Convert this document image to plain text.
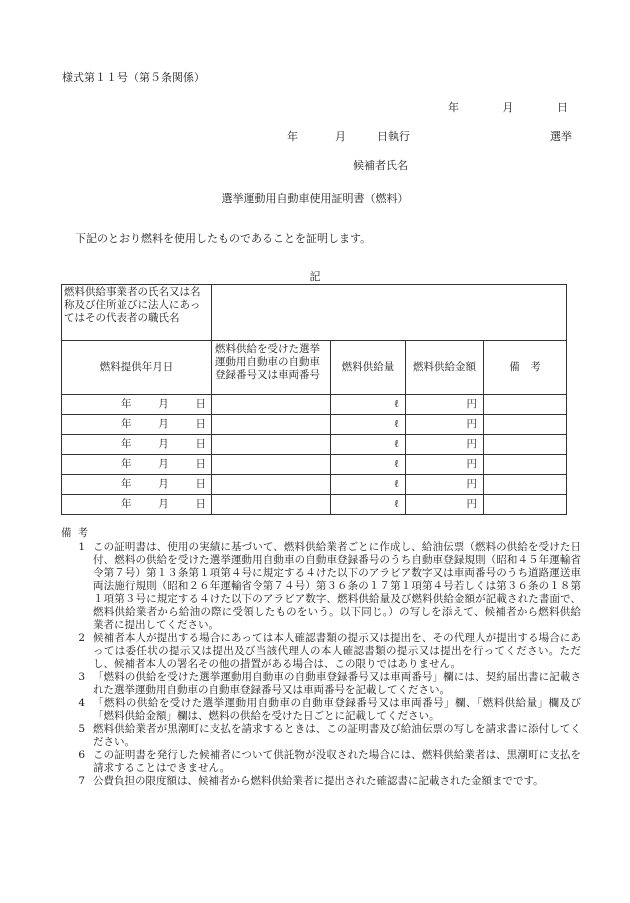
様式第１１号（第５条関係）
年	月	日
年	月	日執行	選挙
候補者氏名
選挙運動用自動車使用証明書（燃料）
下記のとおり燃料を使用したものであることを証明します。
記
燃料供給事業者の氏名又は名称及び住所並びに法人にあってはその代表者の職氏名				
燃料提供年月日	燃料供給を受けた選挙運動用自動車の自動車登録番号又は車両番号	燃料供給量	燃料供給金額	備　考

年 月 日		ℓ	円	

年 月 日		ℓ	円	

年 月 日		ℓ	円	

年 月 日		ℓ	円	

年 月 日		ℓ	円	

年 月 日		ℓ	円	
備考
1 この証明書は、使用の実績に基づいて、燃料供給業者ごとに作成し、給油伝票（燃料の供給を受けた日付、燃料の供給を受けた選挙運動用自動車の自動車登録番号のうち自動車登録規則（昭和４５年運輸省令第７号）第１３条第１項第４号に規定する４けた以下のアラビア数字又は車両番号のうち道路運送車両法施行規則（昭和２６年運輸省令第７４号）第３６条の１７第１項第４号若しくは第３６条の１８第１項第３号に規定する４けた以下のアラビア数字、燃料供給量及び燃料供給金額が記載された書面で、燃料供給業者から給油の際に受領したものをいう。以下同じ。）の写しを添えて、候補者から燃料供給業者に提出してください。
2 候補者本人が提出する場合にあっては本人確認書類の提示又は提出を、その代理人が提出する場合にあっては委任状の提示又は提出及び当該代理人の本人確認書類の提示又は提出を行ってください。ただし、候補者本人の署名その他の措置がある場合は、この限りではありません。
3 「燃料の供給を受けた選挙運動用自動車の自動車登録番号又は車両番号」欄には、契約届出書に記載された選挙運動用自動車の自動車登録番号又は車両番号を記載してください。
4 「燃料の供給を受けた選挙運動用自動車の自動車登録番号又は車両番号」欄、「燃料供給量」欄及び「燃料供給金額」欄は、燃料の供給を受けた日ごとに記載してください。
5 燃料供給業者が黒潮町に支払を請求するときは、この証明書及び給油伝票の写しを請求書に添付してください。
6 この証明書を発行した候補者について供託物が没収された場合には、燃料供給業者は、黒潮町に支払を請求することはできません。
7 公費負担の限度額は、候補者から燃料供給業者に提出された確認書に記載された金額までです。
